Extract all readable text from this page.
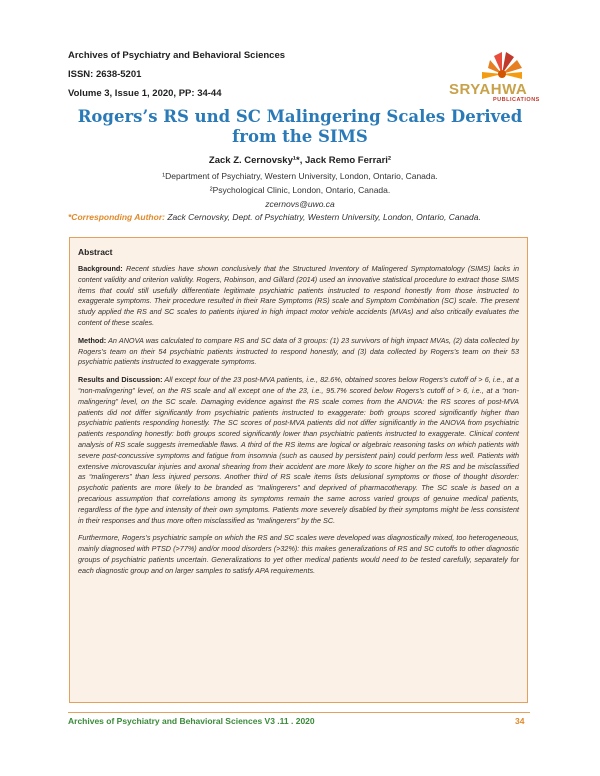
Archives of Psychiatry and Behavioral Sciences
ISSN: 2638-5201
Volume 3, Issue 1, 2020, PP: 34-44	SRYAHWA
PUBLICATIONS
Rogers’s RS und SC Malingering Scales Derived from the SIMS
Zack Z. Cernovsky¹*, Jack Remo Ferrari²
¹Department of Psychiatry, Western University, London, Ontario, Canada.
²Psychological Clinic, London, Ontario, Canada.
zcernovs@uwo.ca
*Corresponding Author: Zack Cernovsky, Dept. of Psychiatry, Western University, London, Ontario, Canada.
Abstract

Background: Recent studies have shown conclusively that the Structured Inventory of Malingered Symptomatology (SIMS) lacks in content validity and criterion validity. Rogers, Robinson, and Gillard (2014) used an innovative statistical procedure to extract those SIMS items that could still usefully differentiate legitimate psychiatric patients instructed to respond honestly from those instructed to exaggerate symptoms. Their procedure resulted in their Rare Symptoms (RS) scale and Symptom Combination (SC) scale. The present study applied the RS and SC scales to patients injured in high impact motor vehicle accidents (MVAs) and also critically evaluates the content of these scales.

Method: An ANOVA was calculated to compare RS and SC data of 3 groups: (1) 23 survivors of high impact MVAs, (2) data collected by Rogers’s team on their 54 psychiatric patients instructed to respond honestly, and (3) data collected by Rogers’s team on their 53 psychiatric patients instructed to exaggerate symptoms.

Results and Discussion: All except four of the 23 post-MVA patients, i.e., 82.6%, obtained scores below Rogers’s cutoff of > 6, i.e., at a “non-malingering” level, on the RS scale and all except one of the 23, i.e., 95.7% scored below Rogers’s cutoff of > 6, i.e., at a “non-malingering” level, on the SC scale. Damaging evidence against the RS scale comes from the ANOVA: the RS scores of post-MVA patients did not differ significantly from psychiatric patients instructed to exaggerate: both groups scored significantly higher than psychiatric patients responding honestly. The SC scores of post-MVA patients did not differ significantly in the ANOVA from psychiatric patients responding honestly: both groups scored significantly lower than psychiatric patients instructed to exaggerate. Clinical content analysis of RS scale suggests irremediable flaws. A third of the RS items are logical or algebraic reasoning tasks on which patients with severe post-concussive symptoms and fatigue from insomnia (such as caused by persistent pain) could perform less well. Patients with extensive microvascular injuries and axonal shearing from their accident are more likely to score higher on the RS and be misclassified as “malingerers” than less injured persons. Another third of RS scale items lists delusional symptoms or those of thought disorder: psychotic patients are more likely to be branded as “malingerers” and deprived of pharmacotherapy. The SC scale is based on a precarious assumption that correlations among its symptoms remain the same across varied groups of genuine medical patients, regardless of the type and intensity of their own symptoms. Patients more severely disabled by their symptoms might be less consistent in their responses and thus more often misclassified as “malingerers” by the SC.

Furthermore, Rogers’s psychiatric sample on which the RS and SC scales were developed was diagnostically mixed, too heterogeneous, mainly diagnosed with PTSD (>77%) and/or mood disorders (>32%): this makes generalizations of RS and SC cutoffs to other diagnostic groups of psychiatric patients uncertain. Generalizations to yet other medical patients would need to be tested carefully, separately for each diagnostic group and on larger samples to satisfy APA requirements.

Archives of Psychiatry and Behavioral Sciences V3 .11 . 2020	34
